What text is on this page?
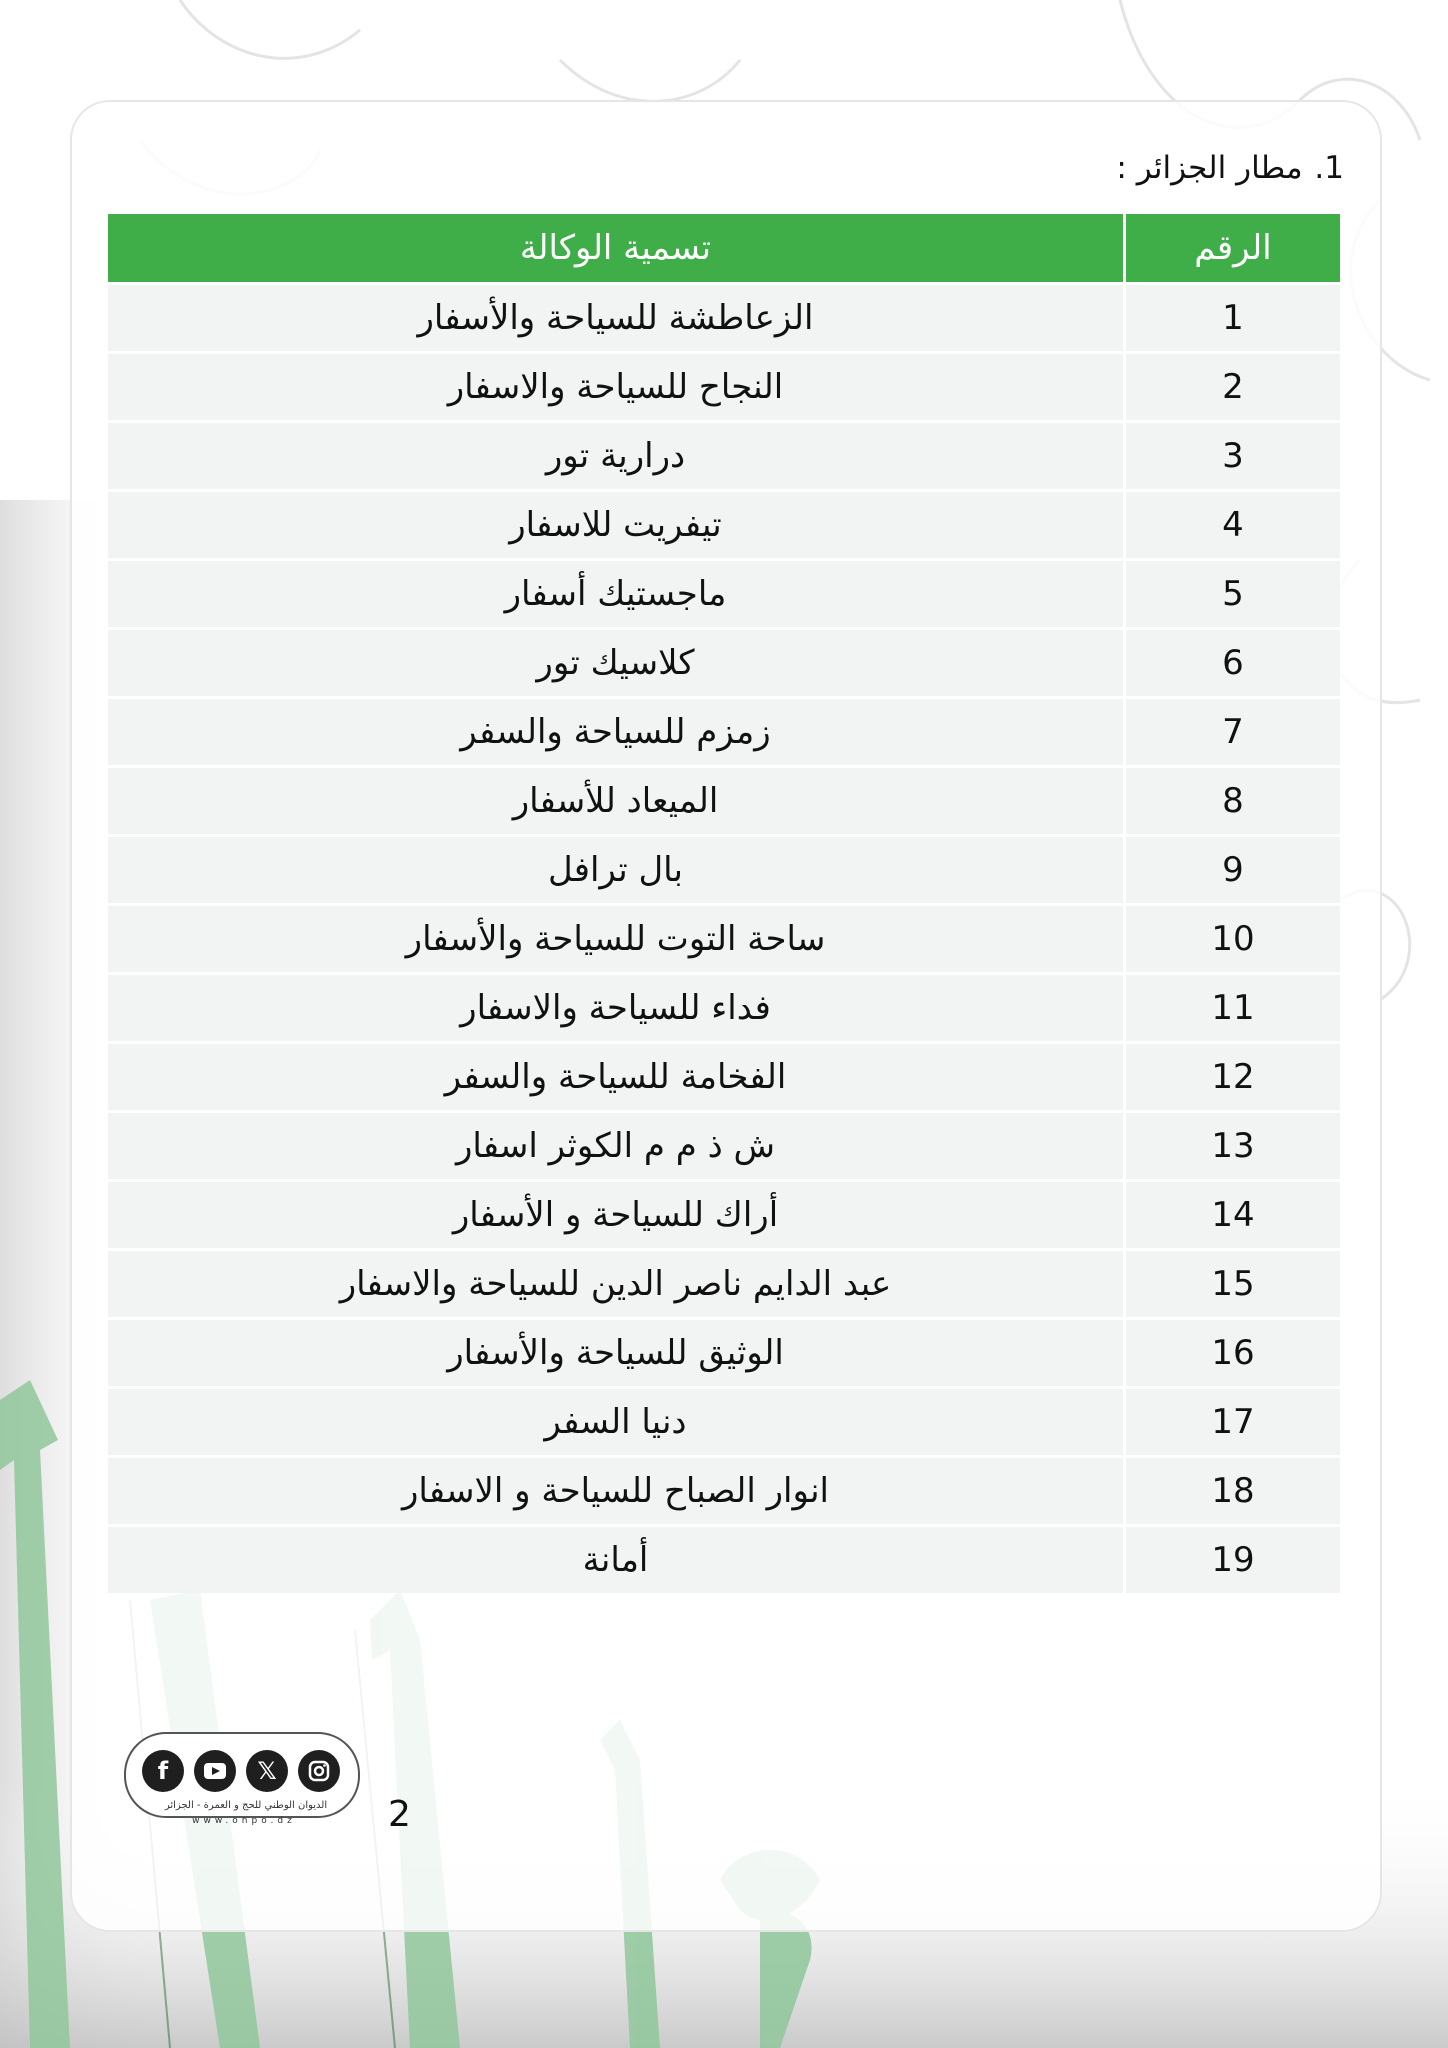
1. مطار الجزائر :
الرقم	تسمية الوكالة
1	الزعاطشة للسياحة والأسفار
2	النجاح للسياحة والاسفار
3	درارية تور
4	تيفريت للاسفار
5	ماجستيك أسفار
6	كلاسيك تور
7	زمزم للسياحة والسفر
8	الميعاد للأسفار
9	بال ترافل
10	ساحة التوت للسياحة والأسفار
11	فداء للسياحة والاسفار
12	الفخامة للسياحة والسفر
13	ش ذ م م الكوثر اسفار
14	أراك للسياحة و الأسفار
15	عبد الدايم ناصر الدين للسياحة والاسفار
16	الوثيق للسياحة والأسفار
17	دنيا السفر
18	انوار الصباح للسياحة و الاسفار
19	أمانة
f	𝕏
الديوان الوطني للحج و العمرة - الجزائر
www.onpo.dz	2
